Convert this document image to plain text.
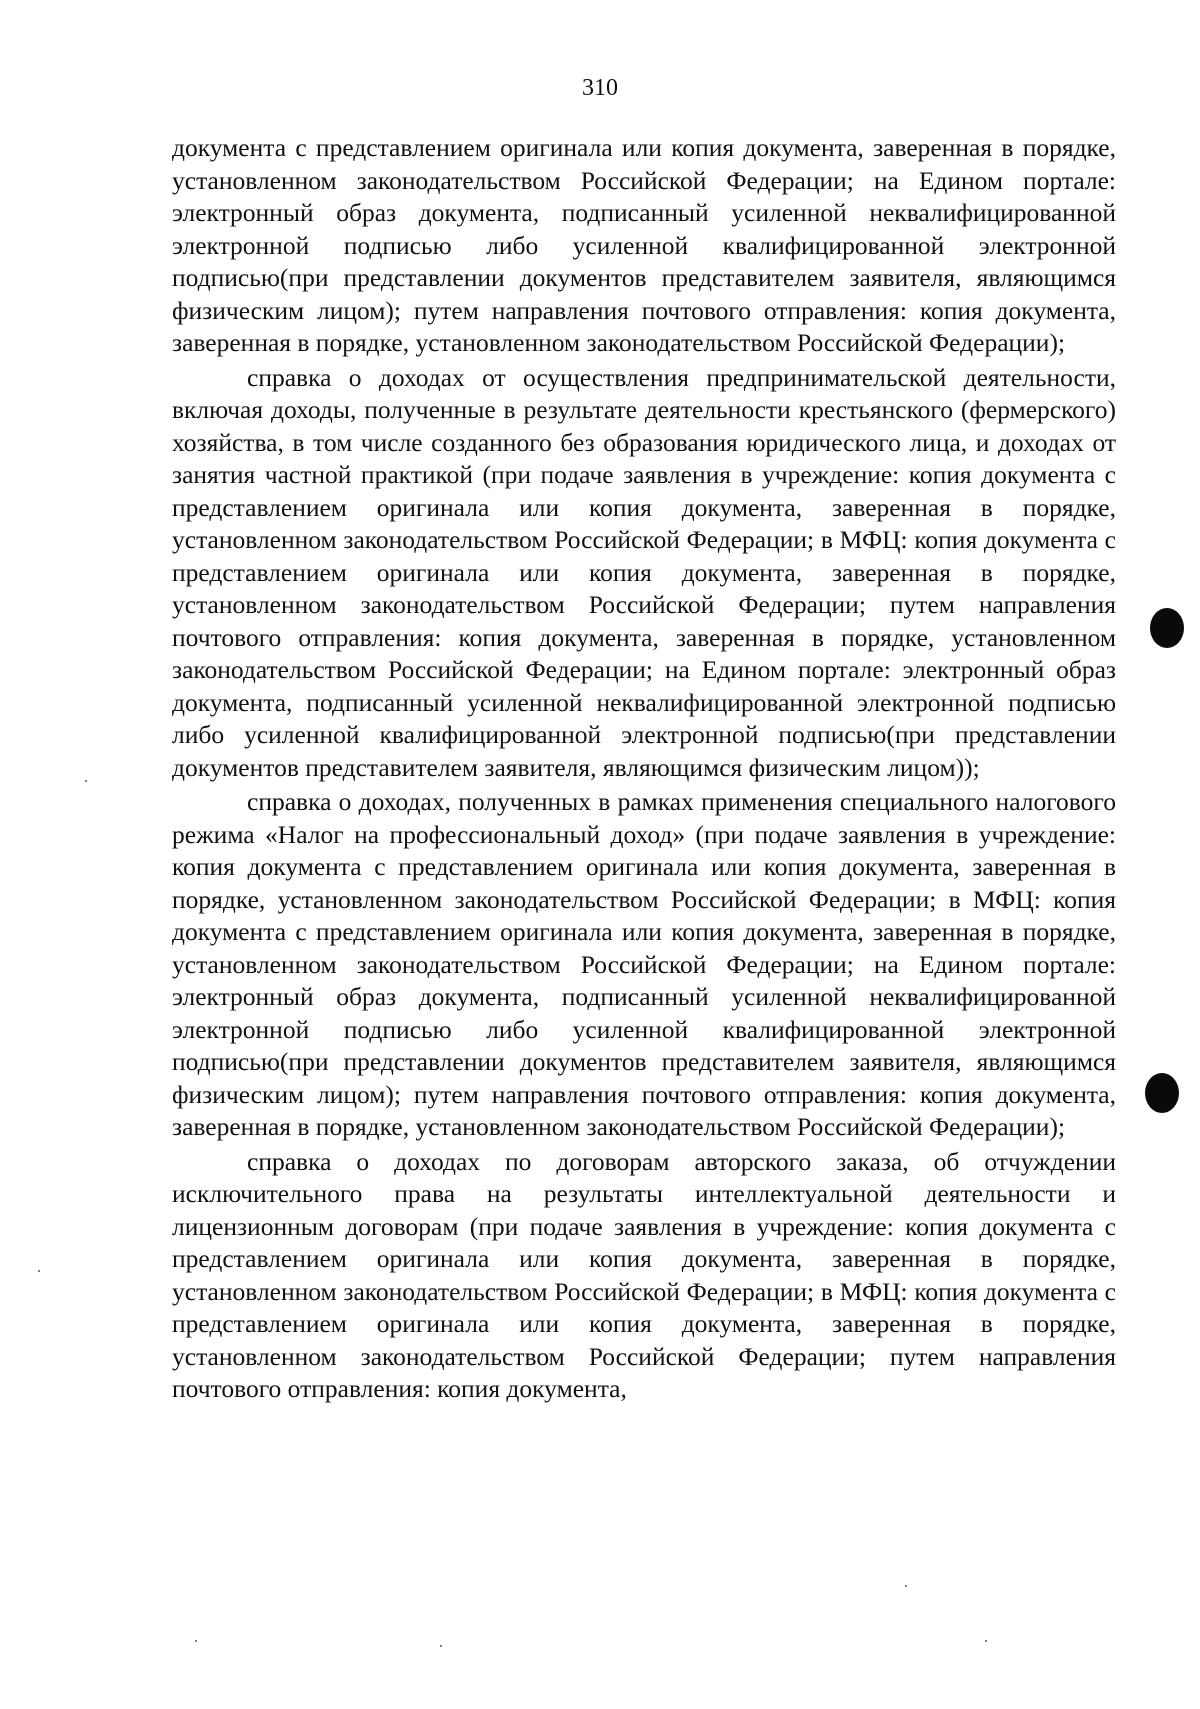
310

документа с представлением оригинала или копия документа, заверенная в порядке, установленном законодательством Российской Федерации; на Едином портале: электронный образ документа, подписанный усиленной неквалифицированной электронной подписью либо усиленной квалифицированной электронной подписью(при представлении документов представителем заявителя, являющимся физическим лицом); путем направления почтового отправления: копия документа, заверенная в порядке, установленном законодательством Российской Федерации);

справка о доходах от осуществления предпринимательской деятельности, включая доходы, полученные в результате деятельности крестьянского (фермерского) хозяйства, в том числе созданного без образования юридического лица, и доходах от занятия частной практикой (при подаче заявления в учреждение: копия документа с представлением оригинала или копия документа, заверенная в порядке, установленном законодательством Российской Федерации; в МФЦ: копия документа с представлением оригинала или копия документа, заверенная в порядке, установленном законодательством Российской Федерации; путем направления почтового отправления: копия документа, заверенная в порядке, установленном законодательством Российской Федерации; на Едином портале: электронный образ документа, подписанный усиленной неквалифицированной электронной подписью либо усиленной квалифицированной электронной подписью(при представлении документов представителем заявителя, являющимся физическим лицом));

справка о доходах, полученных в рамках применения специального налогового режима «Налог на профессиональный доход» (при подаче заявления в учреждение: копия документа с представлением оригинала или копия документа, заверенная в порядке, установленном законодательством Российской Федерации; в МФЦ: копия документа с представлением оригинала или копия документа, заверенная в порядке, установленном законодательством Российской Федерации; на Едином портале: электронный образ документа, подписанный усиленной неквалифицированной электронной подписью либо усиленной квалифицированной электронной подписью(при представлении документов представителем заявителя, являющимся физическим лицом); путем направления почтового отправления: копия документа, заверенная в порядке, установленном законодательством Российской Федерации);

справка о доходах по договорам авторского заказа, об отчуждении исключительного права на результаты интеллектуальной деятельности и лицензионным договорам (при подаче заявления в учреждение: копия документа с представлением оригинала или копия документа, заверенная в порядке, установленном законодательством Российской Федерации; в МФЦ: копия документа с представлением оригинала или копия документа, заверенная в порядке, установленном законодательством Российской Федерации; путем направления почтового отправления: копия документа,
